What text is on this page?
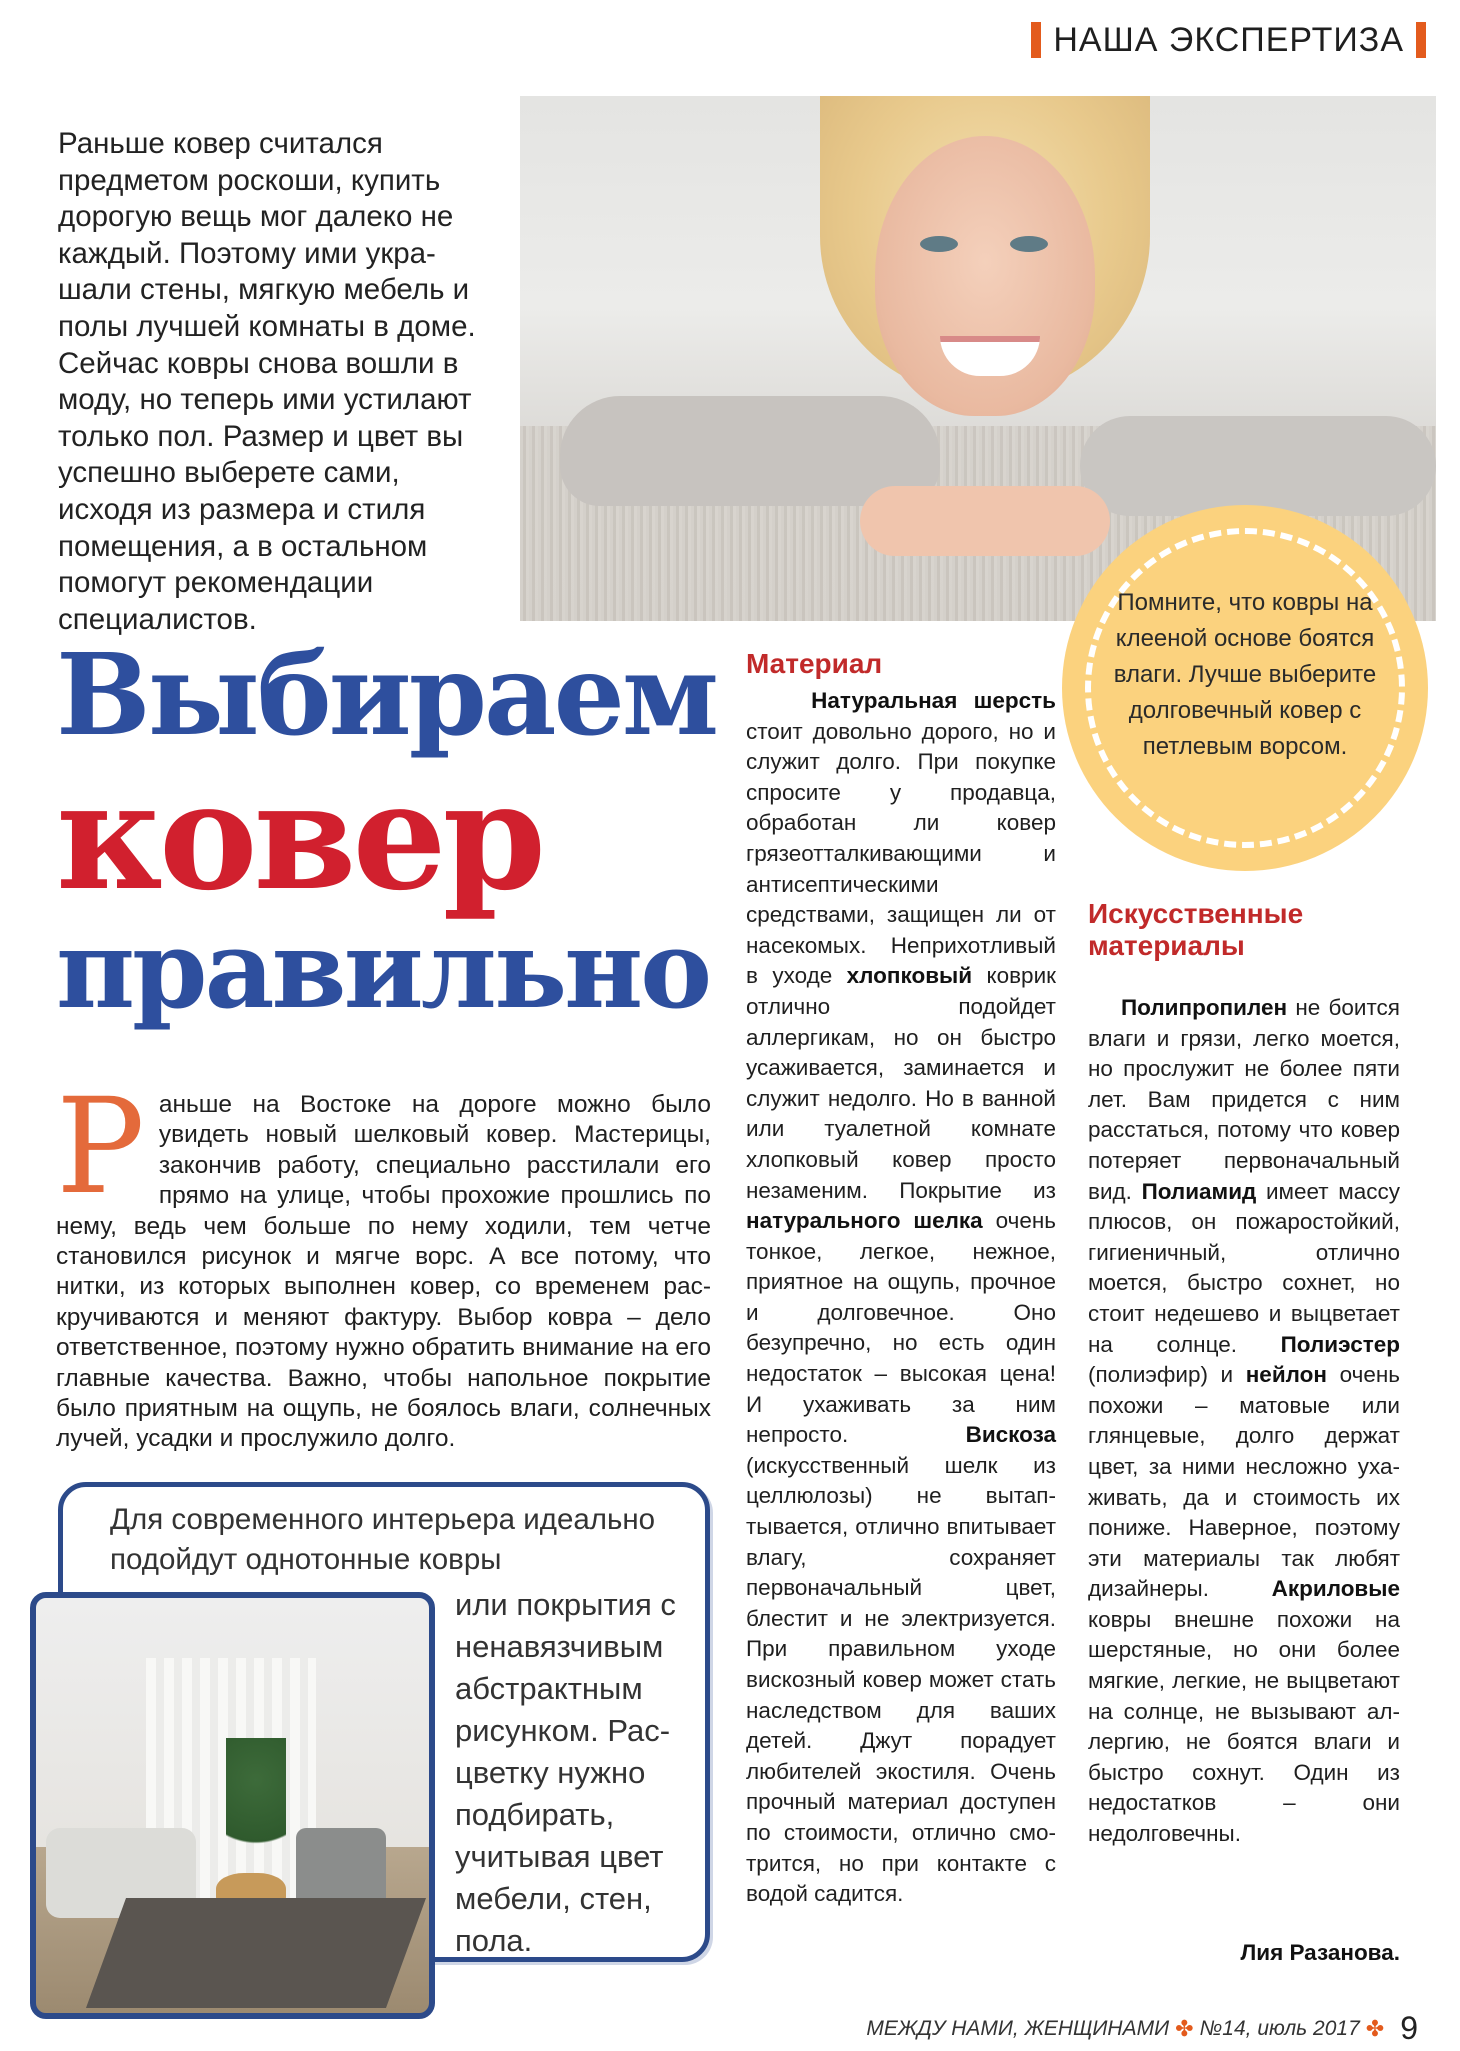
НАША ЭКСПЕРТИЗА

Раньше ковер считался предметом роскоши, купить дорогую вещь мог далеко не каждый. Поэтому ими украшали стены, мягкую мебель и полы лучшей комнаты в доме. Сейчас ковры снова вошли в моду, но теперь ими устилают только пол. Размер и цвет вы успешно выберете сами, исходя из размера и стиля помещения, а в остальном помогут рекомендации специалистов.

Выбираем
ковер
правильно
Раньше на Востоке на дороге можно было увидеть новый шелковый ковер. Мастерицы, закончив работу, специально расстилали его прямо на улице, чтобы прохожие прошлись по нему, ведь чем больше по нему ходили, тем четче становился рисунок и мягче ворс. А все потому, что нитки, из которых выполнен ковер, со временем раскручиваются и меняют фактуру. Выбор ковра – дело ответственное, поэтому нужно обратить внимание на его главные качества. Важно, чтобы напольное покрытие было приятным на ощупь, не боялось влаги, солнечных лучей, усадки и прослужило долго.

Для современного интерьера идеально подойдут однотонные ковры

или покрытия с ненавязчивым абстрактным рисунком. Расцветку нужно подбирать, учитывая цвет мебели, стен, пола.

Материал

Натуральная шерсть стоит довольно дорого, но и служит долго. При покупке спросите у продавца, обработан ли ковер грязеотталкивающими и антисептическими средствами, защищен ли от насекомых. Неприхотливый в уходе хлопковый коврик отлично подойдет аллергикам, но он быстро усаживается, заминается и служит недолго. Но в ванной или туалетной комнате хлопковый ковер просто незаменим. Покрытие из натурального шелка очень тонкое, легкое, нежное, приятное на ощупь, прочное и долговечное. Оно безупречно, но есть один недостаток – высокая цена! И ухаживать за ним непросто. Вискоза (искусственный шелк из целлюлозы) не вытаптывается, отлично впитывает влагу, сохраняет первоначальный цвет, блестит и не электризуется. При правильном уходе вискозный ковер может стать наследством для ваших детей. Джут порадует любителей экостиля. Очень прочный материал доступен по стоимости, отлично смотрится, но при контакте с водой садится.

Помните, что ковры на клееной основе боятся влаги. Лучше выберите долговечный ковер с петлевым ворсом.

Искусственные
материалы

Полипропилен не боится влаги и грязи, легко моется, но прослужит не более пяти лет. Вам придется с ним расстаться, потому что ковер потеряет первоначальный вид. Полиамид имеет массу плюсов, он пожаростойкий, гигиеничный, отлично моется, быстро сохнет, но стоит недешево и выцветает на солнце. Полиэстер (полиэфир) и нейлон очень похожи – матовые или глянцевые, долго держат цвет, за ними несложно ухаживать, да и стоимость их пониже. Наверное, поэтому эти материалы так любят дизайнеры. Акриловые ковры внешне похожи на шерстяные, но они более мягкие, легкие, не выцветают на солнце, не вызывают аллергию, не боятся влаги и быстро сохнут. Один из недостатков – они недолговечны.

Лия Разанова.
МЕЖДУ НАМИ, ЖЕНЩИНАМИ ✤ №14, июль 2017 ✤ 9
